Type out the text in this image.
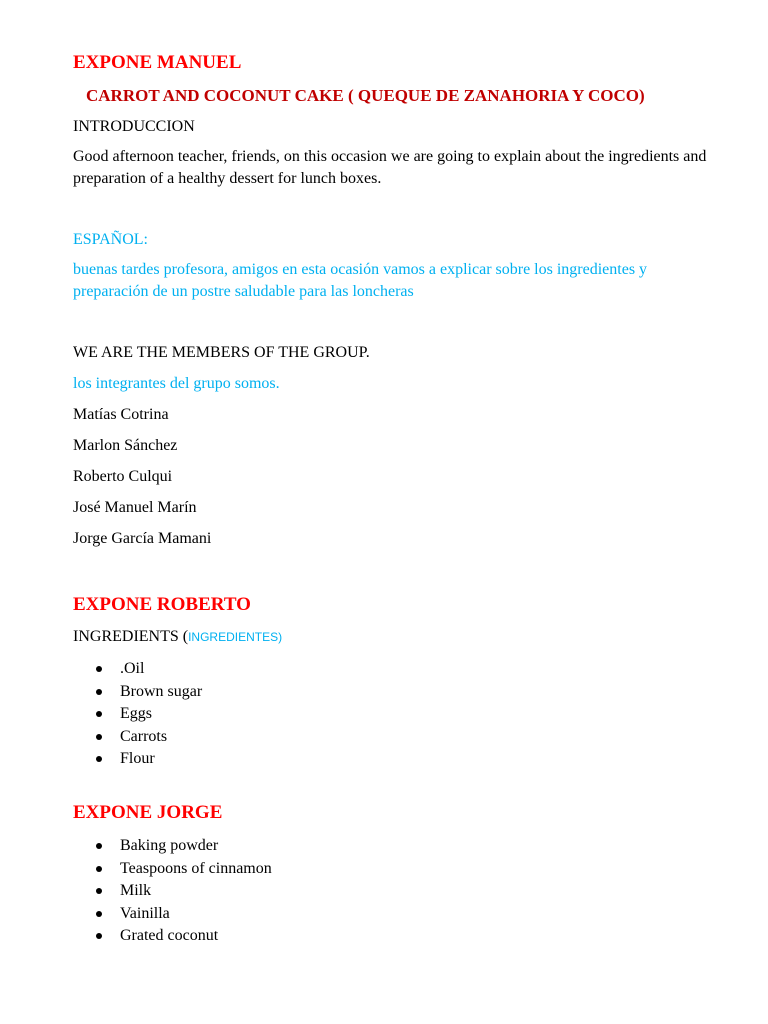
EXPONE MANUEL
CARROT AND COCONUT CAKE ( QUEQUE DE ZANAHORIA Y COCO)
INTRODUCCION
Good afternoon teacher, friends, on this occasion we are going to explain about the ingredients and preparation of a healthy dessert for lunch boxes.
ESPAÑOL:
buenas tardes profesora, amigos en esta ocasión vamos a explicar sobre los ingredientes y preparación de un postre saludable para las loncheras
WE ARE THE MEMBERS OF THE GROUP.
los integrantes del grupo somos.
Matías Cotrina
Marlon Sánchez
Roberto Culqui
José Manuel Marín
Jorge García Mamani
EXPONE ROBERTO
INGREDIENTS (INGREDIENTES)
.Oil
Brown sugar
Eggs
Carrots
Flour
EXPONE JORGE
Baking powder
Teaspoons of cinnamon
Milk
Vainilla
Grated coconut
